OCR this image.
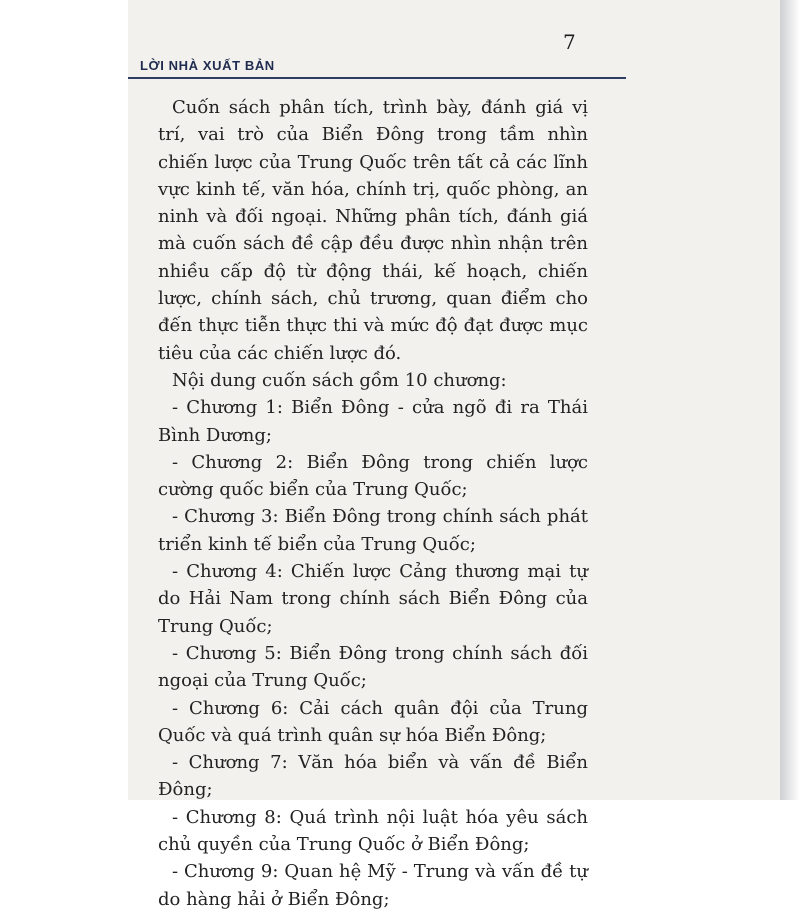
LỜI NHÀ XUẤT BẢN
7

Cuốn sách phân tích, trình bày, đánh giá vị trí, vai trò của Biển Đông trong tầm nhìn chiến lược của Trung Quốc trên tất cả các lĩnh vực kinh tế, văn hóa, chính trị, quốc phòng, an ninh và đối ngoại. Những phân tích, đánh giá mà cuốn sách đề cập đều được nhìn nhận trên nhiều cấp độ từ động thái, kế hoạch, chiến lược, chính sách, chủ trương, quan điểm cho đến thực tiễn thực thi và mức độ đạt được mục tiêu của các chiến lược đó.

Nội dung cuốn sách gồm 10 chương:

- Chương 1: Biển Đông - cửa ngõ đi ra Thái Bình Dương;

- Chương 2: Biển Đông trong chiến lược cường quốc biển của Trung Quốc;

- Chương 3: Biển Đông trong chính sách phát triển kinh tế biển của Trung Quốc;

- Chương 4: Chiến lược Cảng thương mại tự do Hải Nam trong chính sách Biển Đông của Trung Quốc;

- Chương 5: Biển Đông trong chính sách đối ngoại của Trung Quốc;

- Chương 6: Cải cách quân đội của Trung Quốc và quá trình quân sự hóa Biển Đông;

- Chương 7: Văn hóa biển và vấn đề Biển Đông;

- Chương 8: Quá trình nội luật hóa yêu sách chủ quyền của Trung Quốc ở Biển Đông;

- Chương 9: Quan hệ Mỹ - Trung và vấn đề tự do hàng hải ở Biển Đông;
